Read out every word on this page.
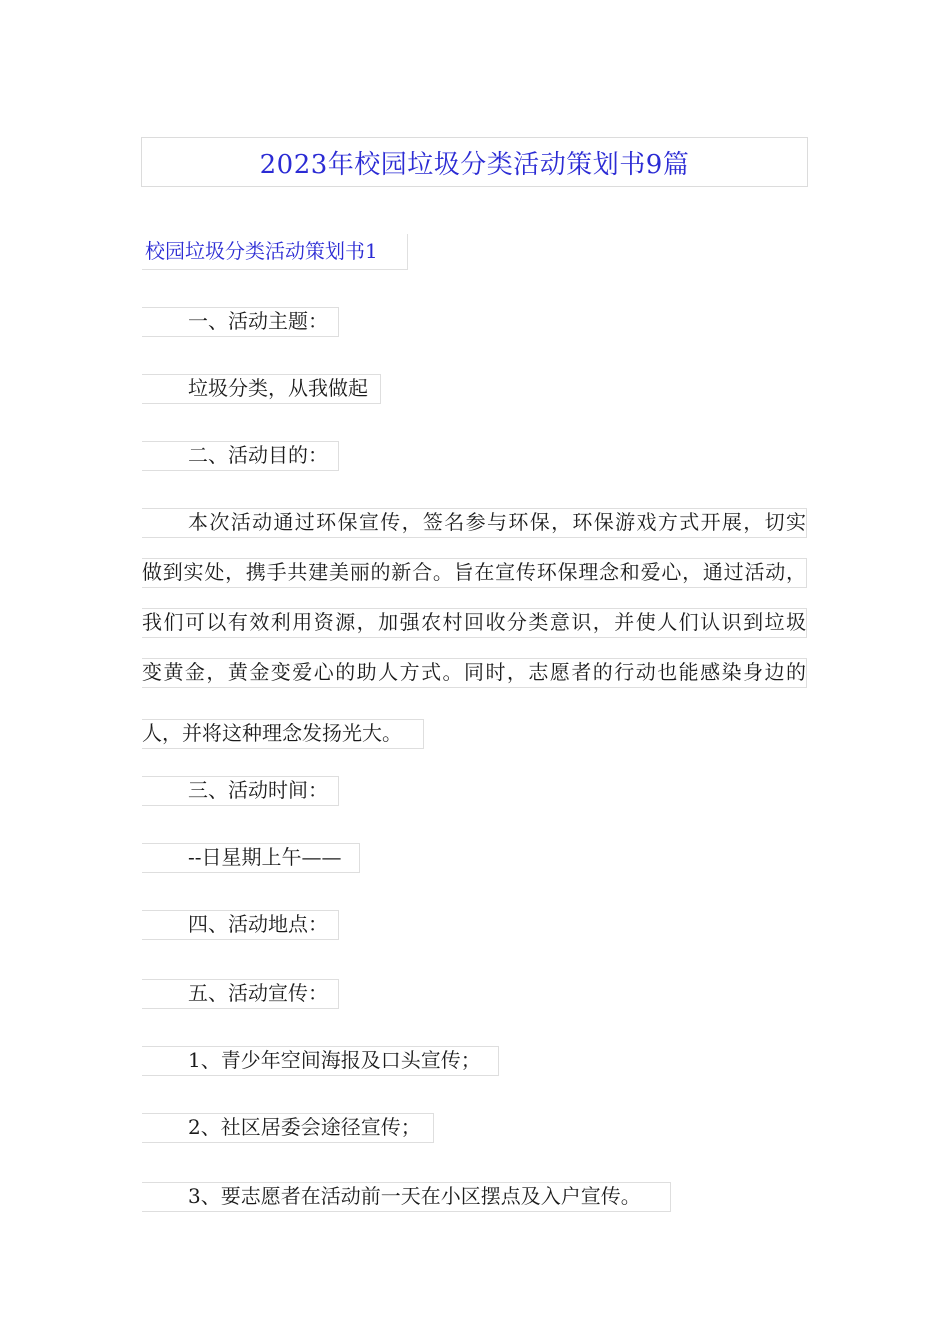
2023年校园垃圾分类活动策划书9篇
校园垃圾分类活动策划书1
一、活动主题：
垃圾分类，从我做起
二、活动目的：
本次活动通过环保宣传，签名参与环保，环保游戏方式开展，切实
做到实处，携手共建美丽的新合。旨在宣传环保理念和爱心，通过活动，
我们可以有效利用资源，加强农村回收分类意识，并使人们认识到垃圾
变黄金，黄金变爱心的助人方式。同时，志愿者的行动也能感染身边的
人，并将这种理念发扬光大。
三、活动时间：
--日星期上午——
四、活动地点：
五、活动宣传：
1、青少年空间海报及口头宣传；
2、社区居委会途径宣传；
3、要志愿者在活动前一天在小区摆点及入户宣传。
